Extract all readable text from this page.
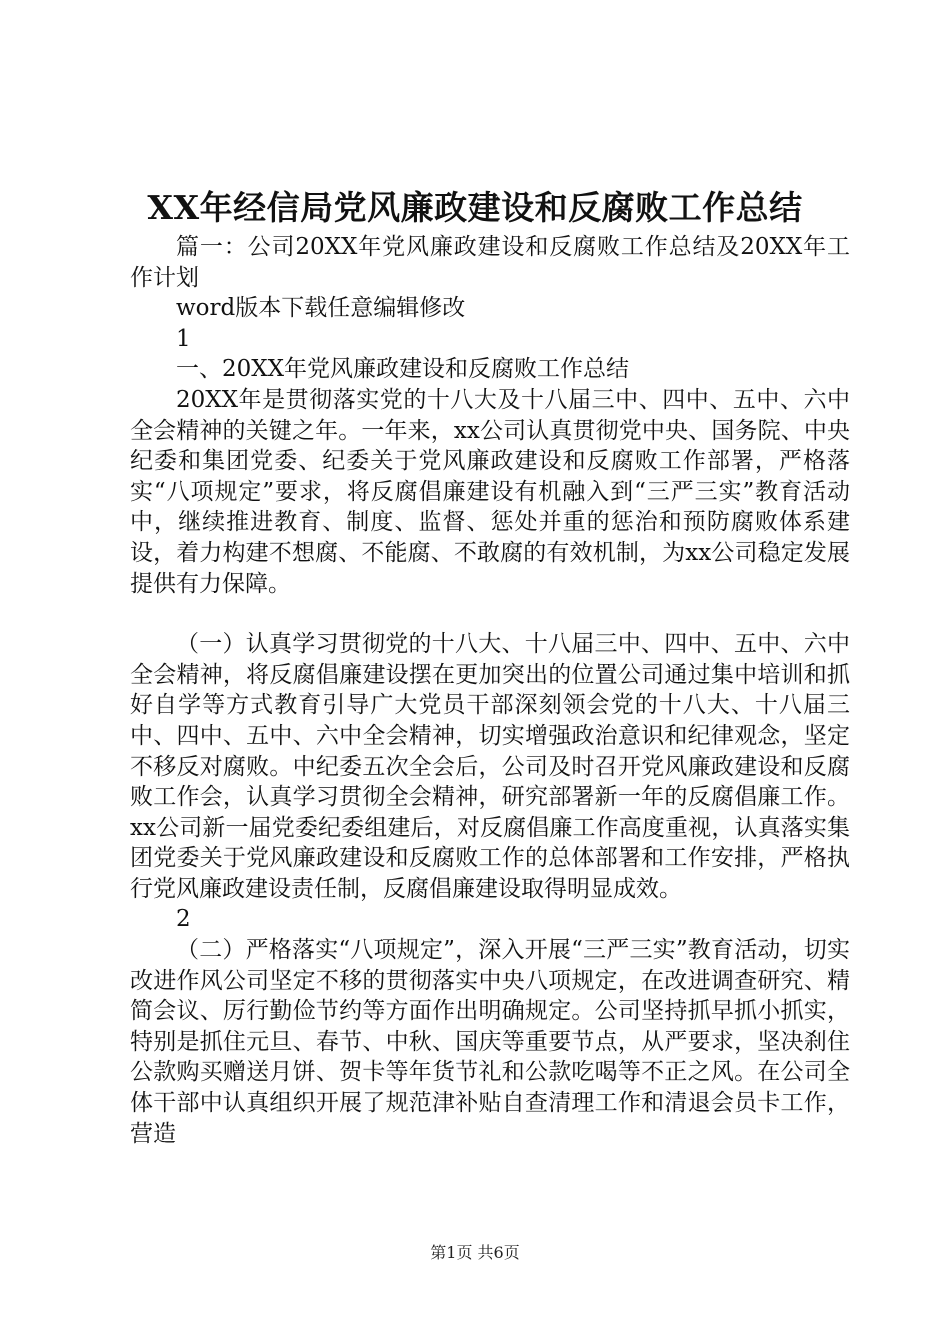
XX年经信局党风廉政建设和反腐败工作总结

篇一：公司20XX年党风廉政建设和反腐败工作总结及20XX年工作计划

word版本下载任意编辑修改

1

一、20XX年党风廉政建设和反腐败工作总结

20XX年是贯彻落实党的十八大及十八届三中、四中、五中、六中全会精神的关键之年。一年来，xx公司认真贯彻党中央、国务院、中央纪委和集团党委、纪委关于党风廉政建设和反腐败工作部署，严格落实“八项规定”要求，将反腐倡廉建设有机融入到“三严三实”教育活动中，继续推进教育、制度、监督、惩处并重的惩治和预防腐败体系建设，着力构建不想腐、不能腐、不敢腐的有效机制，为xx公司稳定发展提供有力保障。

（一）认真学习贯彻党的十八大、十八届三中、四中、五中、六中全会精神，将反腐倡廉建设摆在更加突出的位置公司通过集中培训和抓好自学等方式教育引导广大党员干部深刻领会党的十八大、十八届三中、四中、五中、六中全会精神，切实增强政治意识和纪律观念，坚定不移反对腐败。中纪委五次全会后，公司及时召开党风廉政建设和反腐败工作会，认真学习贯彻全会精神，研究部署新一年的反腐倡廉工作。xx公司新一届党委纪委组建后，对反腐倡廉工作高度重视，认真落实集团党委关于党风廉政建设和反腐败工作的总体部署和工作安排，严格执行党风廉政建设责任制，反腐倡廉建设取得明显成效。

2

（二）严格落实“八项规定”，深入开展“三严三实”教育活动，切实改进作风公司坚定不移的贯彻落实中央八项规定，在改进调查研究、精简会议、厉行勤俭节约等方面作出明确规定。公司坚持抓早抓小抓实，特别是抓住元旦、春节、中秋、国庆等重要节点，从严要求，坚决刹住公款购买赠送月饼、贺卡等年货节礼和公款吃喝等不正之风。在公司全体干部中认真组织开展了规范津补贴自查清理工作和清退会员卡工作，营造

第1页 共6页
